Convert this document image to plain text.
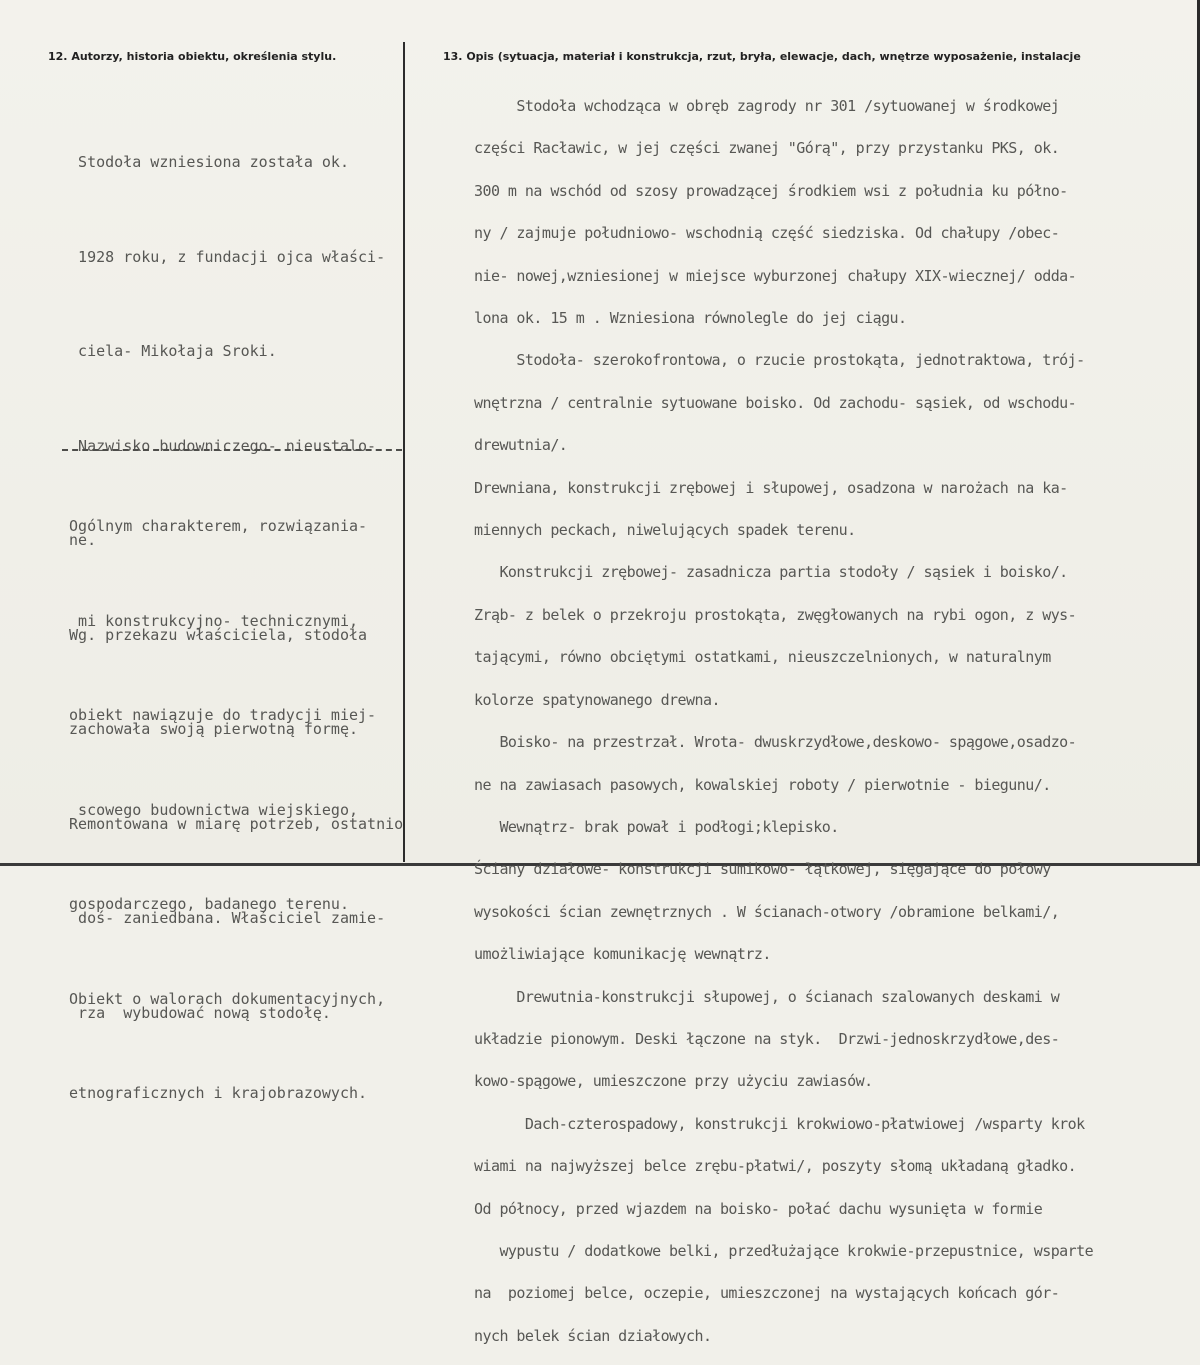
12. Autorzy, historia obiektu, określenia stylu.	13. Opis (sytuacja, materiał i konstrukcja, rzut, bryła, elewacje, dach, wnętrze wyposażenie, instalacje

Stodoła wzniesiona została ok.

1928 roku, z fundacji ojca właści-

ciela- Mikołaja Sroki.

Nazwisko budowniczego- nieustalo-

ne.

Wg. przekazu właściciela, stodoła

zachowała swoją pierwotną formę.

Remontowana w miarę potrzeb, ostatnio

doś- zaniedbana. Właściciel zamie-

rza  wybudować nową stodołę.

Ogólnym charakterem, rozwiązania-

mi konstrukcyjno- technicznymi,

obiekt nawiązuje do tradycji miej-

scowego budownictwa wiejskiego,

gospodarczego, badanego terenu.

Obiekt o walorach dokumentacyjnych,

etnograficznych i krajobrazowych.

Stodoła wchodząca w obręb zagrody nr 301 /sytuowanej w środkowej

części Racławic, w jej części zwanej "Górą", przy przystanku PKS, ok.

300 m na wschód od szosy prowadzącej środkiem wsi z południa ku półno-

ny / zajmuje południowo- wschodnią część siedziska. Od chałupy /obec-

nie- nowej,wzniesionej w miejsce wyburzonej chałupy XIX-wiecznej/ odda-

lona ok. 15 m . Wzniesiona równolegle do jej ciągu.

Stodoła- szerokofrontowa, o rzucie prostokąta, jednotraktowa, trój-

wnętrzna / centralnie sytuowane boisko. Od zachodu- sąsiek, od wschodu-

drewutnia/.

Drewniana, konstrukcji zrębowej i słupowej, osadzona w narożach na ka-

miennych peckach, niwelujących spadek terenu.

Konstrukcji zrębowej- zasadnicza partia stodoły / sąsiek i boisko/.

Zrąb- z belek o przekroju prostokąta, zwęgłowanych na rybi ogon, z wys-

tającymi, równo obciętymi ostatkami, nieuszczelnionych, w naturalnym

kolorze spatynowanego drewna.

Boisko- na przestrzał. Wrota- dwuskrzydłowe,deskowo- spągowe,osadzo-

ne na zawiasach pasowych, kowalskiej roboty / pierwotnie - biegunu/.

Wewnątrz- brak pował i podłogi;klepisko.

Ściany działowe- konstrukcji sumikowo- łątkowej, sięgające do połowy

wysokości ścian zewnętrznych . W ścianach-otwory /obramione belkami/,

umożliwiające komunikację wewnątrz.

Drewutnia-konstrukcji słupowej, o ścianach szalowanych deskami w

układzie pionowym. Deski łączone na styk.  Drzwi-jednoskrzydłowe,des-

kowo-spągowe, umieszczone przy użyciu zawiasów.

Dach-czterospadowy, konstrukcji krokwiowo-płatwiowej /wsparty krok

wiami na najwyższej belce zrębu-płatwi/, poszyty słomą układaną gładko.

Od północy, przed wjazdem na boisko- połać dachu wysunięta w formie

wypustu / dodatkowe belki, przedłużające krokwie-przepustnice, wsparte

na  poziomej belce, oczepie, umieszczonej na wystających końcach gór-

nych belek ścian działowych.
